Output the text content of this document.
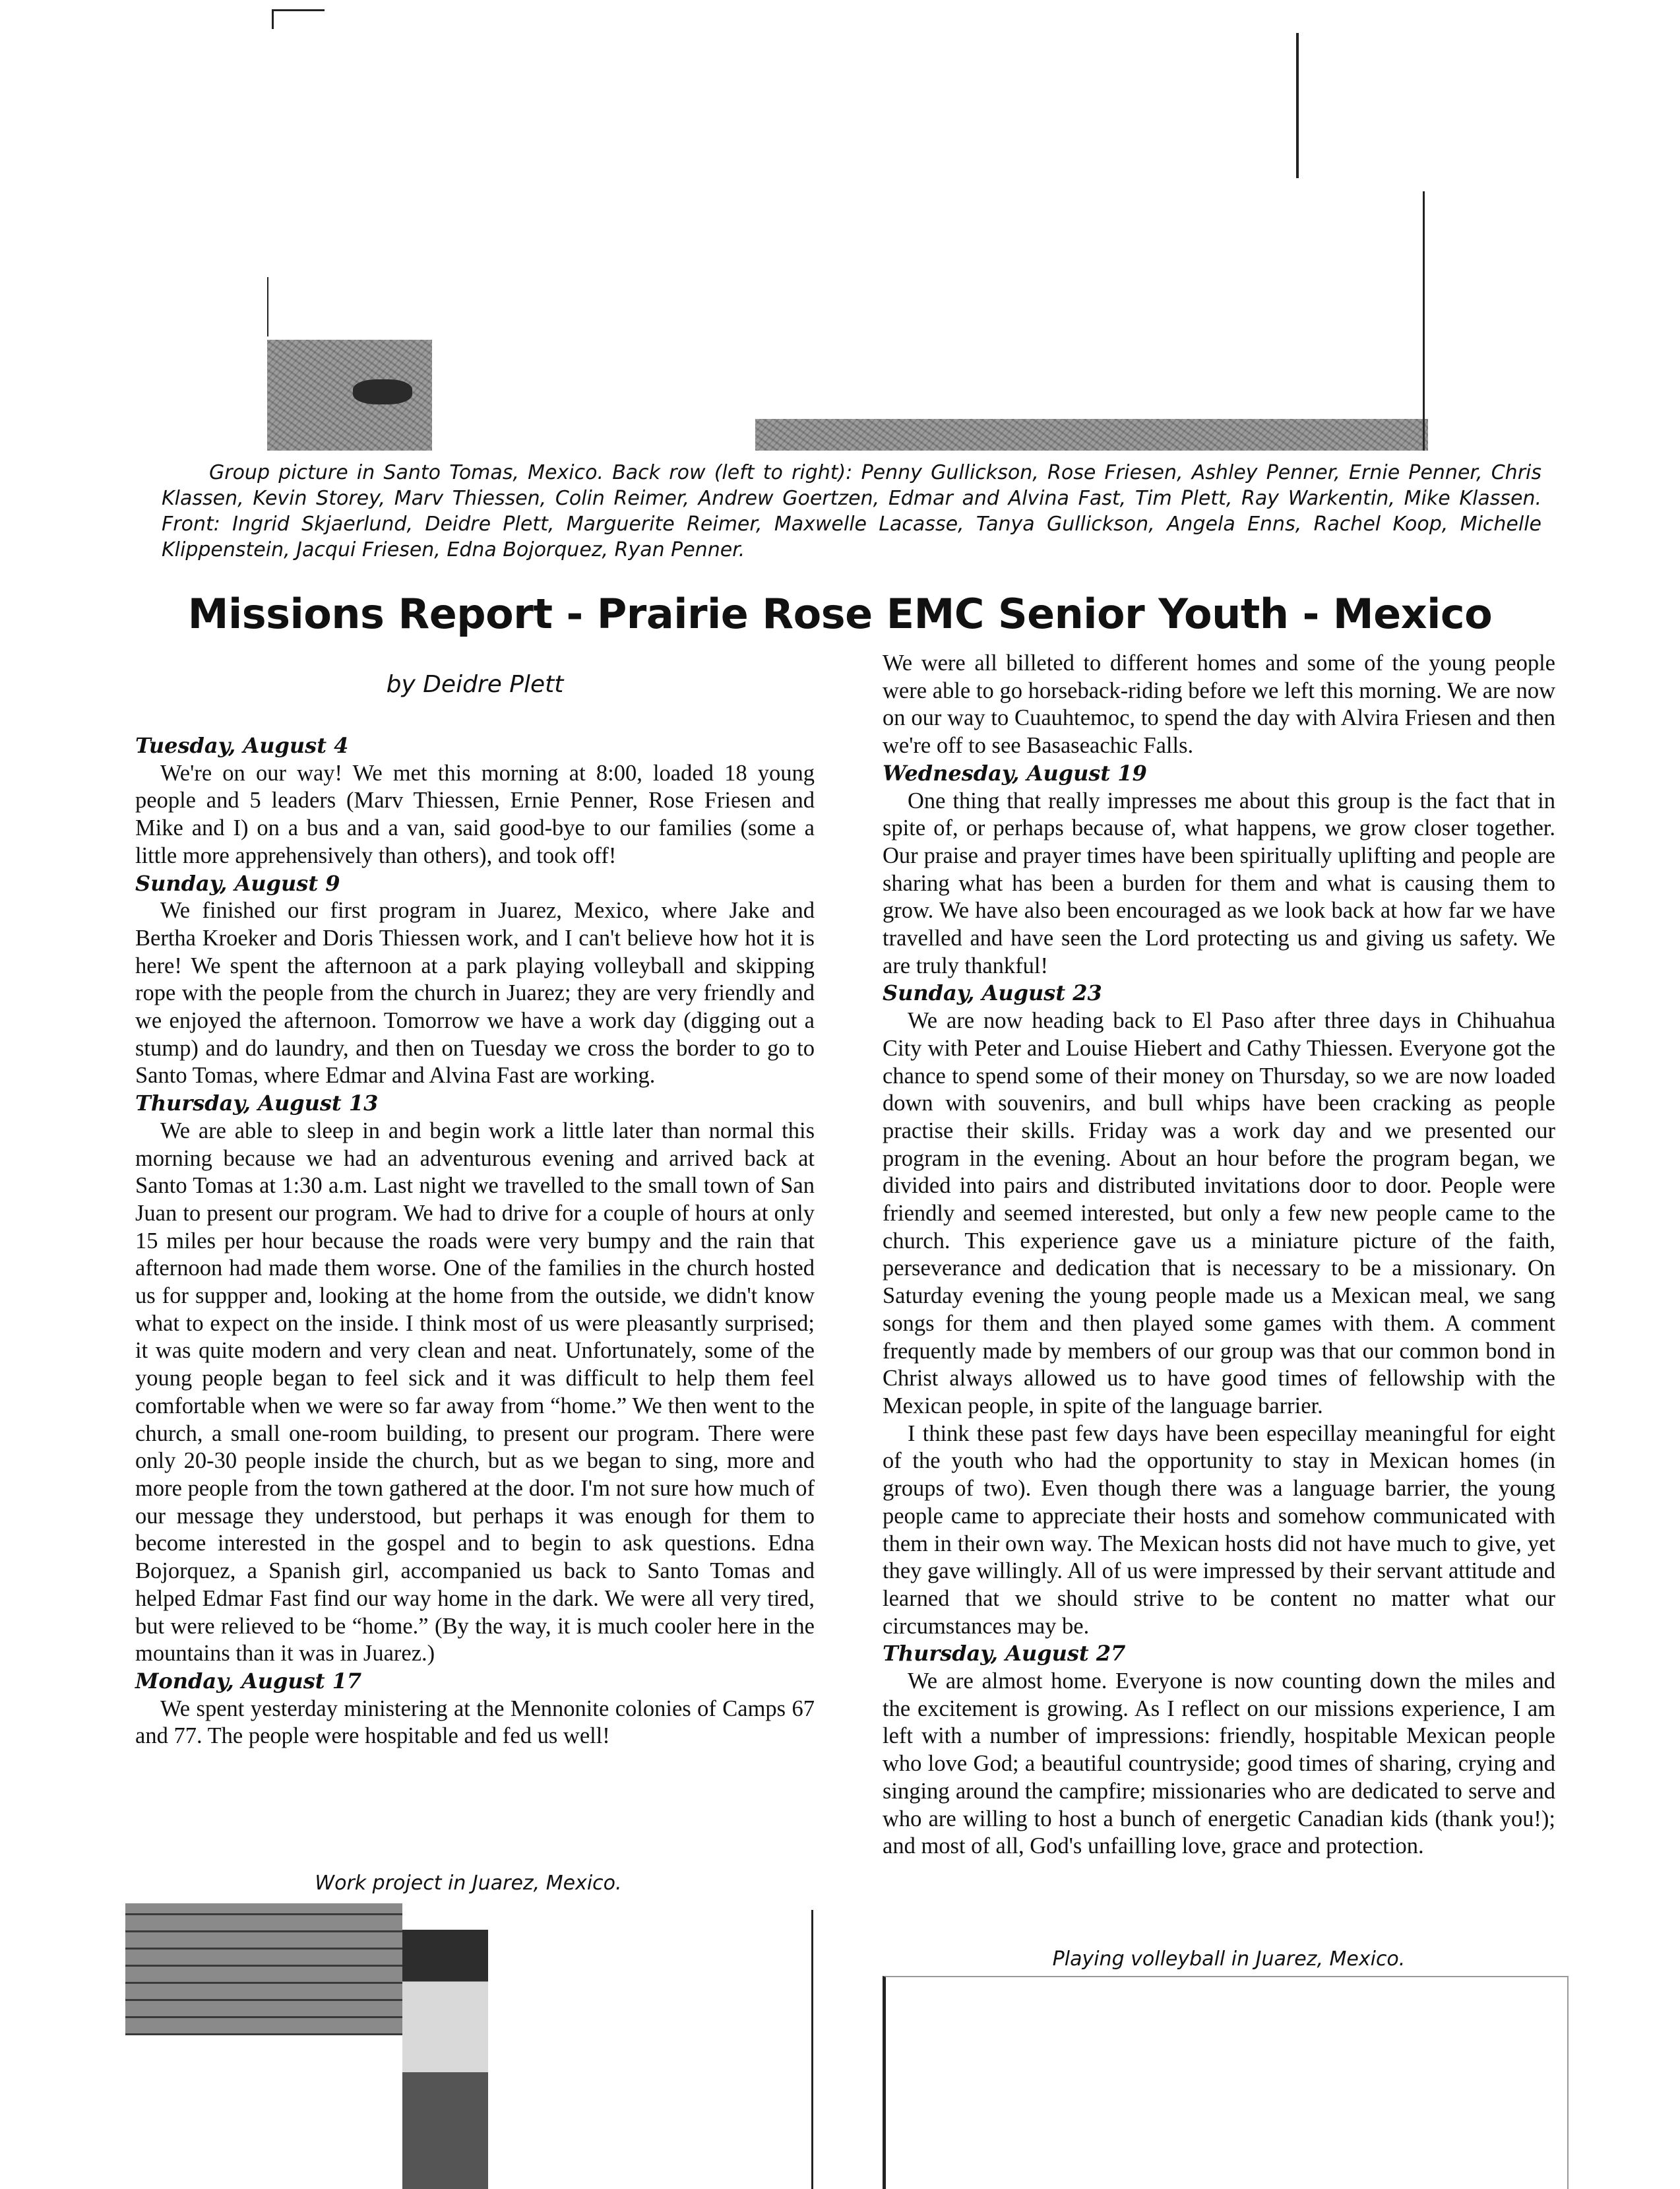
Group picture in Santo Tomas, Mexico. Back row (left to right): Penny Gullickson, Rose Friesen, Ashley Penner, Ernie Penner, Chris Klassen, Kevin Storey, Marv Thiessen, Colin Reimer, Andrew Goertzen, Edmar and Alvina Fast, Tim Plett, Ray Warkentin, Mike Klassen. Front: Ingrid Skjaerlund, Deidre Plett, Marguerite Reimer, Maxwelle Lacasse, Tanya Gullickson, Angela Enns, Rachel Koop, Michelle Klippenstein, Jacqui Friesen, Edna Bojorquez, Ryan Penner.

Missions Report - Prairie Rose EMC Senior Youth - Mexico

by Deidre Plett

Tuesday, August 4

We're on our way! We met this morning at 8:00, loaded 18 young people and 5 leaders (Marv Thiessen, Ernie Penner, Rose Friesen and Mike and I) on a bus and a van, said good-bye to our families (some a little more apprehensively than others), and took off!

Sunday, August 9

We finished our first program in Juarez, Mexico, where Jake and Bertha Kroeker and Doris Thiessen work, and I can't believe how hot it is here! We spent the afternoon at a park playing volleyball and skipping rope with the people from the church in Juarez; they are very friendly and we enjoyed the afternoon. Tomorrow we have a work day (digging out a stump) and do laundry, and then on Tuesday we cross the border to go to Santo Tomas, where Edmar and Alvina Fast are working.

Thursday, August 13

We are able to sleep in and begin work a little later than normal this morning because we had an adventurous evening and arrived back at Santo Tomas at 1:30 a.m. Last night we travelled to the small town of San Juan to present our program. We had to drive for a couple of hours at only 15 miles per hour because the roads were very bumpy and the rain that afternoon had made them worse. One of the families in the church hosted us for suppper and, looking at the home from the outside, we didn't know what to expect on the inside. I think most of us were pleasantly surprised; it was quite modern and very clean and neat. Unfortunately, some of the young people began to feel sick and it was difficult to help them feel comfortable when we were so far away from “home.” We then went to the church, a small one-room building, to present our program. There were only 20-30 people inside the church, but as we began to sing, more and more people from the town gathered at the door. I'm not sure how much of our message they understood, but perhaps it was enough for them to become interested in the gospel and to begin to ask questions. Edna Bojorquez, a Spanish girl, accompanied us back to Santo Tomas and helped Edmar Fast find our way home in the dark. We were all very tired, but were relieved to be “home.” (By the way, it is much cooler here in the mountains than it was in Juarez.)

Monday, August 17

We spent yesterday ministering at the Mennonite colonies of Camps 67 and 77. The people were hospitable and fed us well!

We were all billeted to different homes and some of the young people were able to go horseback-riding before we left this morning. We are now on our way to Cuauhtemoc, to spend the day with Alvira Friesen and then we're off to see Basaseachic Falls.

Wednesday, August 19

One thing that really impresses me about this group is the fact that in spite of, or perhaps because of, what happens, we grow closer together. Our praise and prayer times have been spiritually uplifting and people are sharing what has been a burden for them and what is causing them to grow. We have also been encouraged as we look back at how far we have travelled and have seen the Lord protecting us and giving us safety. We are truly thankful!

Sunday, August 23

We are now heading back to El Paso after three days in Chihuahua City with Peter and Louise Hiebert and Cathy Thiessen. Everyone got the chance to spend some of their money on Thursday, so we are now loaded down with souvenirs, and bull whips have been cracking as people practise their skills. Friday was a work day and we presented our program in the evening. About an hour before the program began, we divided into pairs and distributed invitations door to door. People were friendly and seemed interested, but only a few new people came to the church. This experience gave us a miniature picture of the faith, perseverance and dedication that is necessary to be a missionary. On Saturday evening the young people made us a Mexican meal, we sang songs for them and then played some games with them. A comment frequently made by members of our group was that our common bond in Christ always allowed us to have good times of fellowship with the Mexican people, in spite of the language barrier.

I think these past few days have been especillay meaningful for eight of the youth who had the opportunity to stay in Mexican homes (in groups of two). Even though there was a language barrier, the young people came to appreciate their hosts and somehow communicated with them in their own way. The Mexican hosts did not have much to give, yet they gave willingly. All of us were impressed by their servant attitude and learned that we should strive to be content no matter what our circumstances may be.

Thursday, August 27

We are almost home. Everyone is now counting down the miles and the excitement is growing. As I reflect on our missions experience, I am left with a number of impressions: friendly, hospitable Mexican people who love God; a beautiful countryside; good times of sharing, crying and singing around the campfire; missionaries who are dedicated to serve and who are willing to host a bunch of energetic Canadian kids (thank you!); and most of all, God's unfailling love, grace and protection.

Work project in Juarez, Mexico.

Playing volleyball in Juarez, Mexico.
